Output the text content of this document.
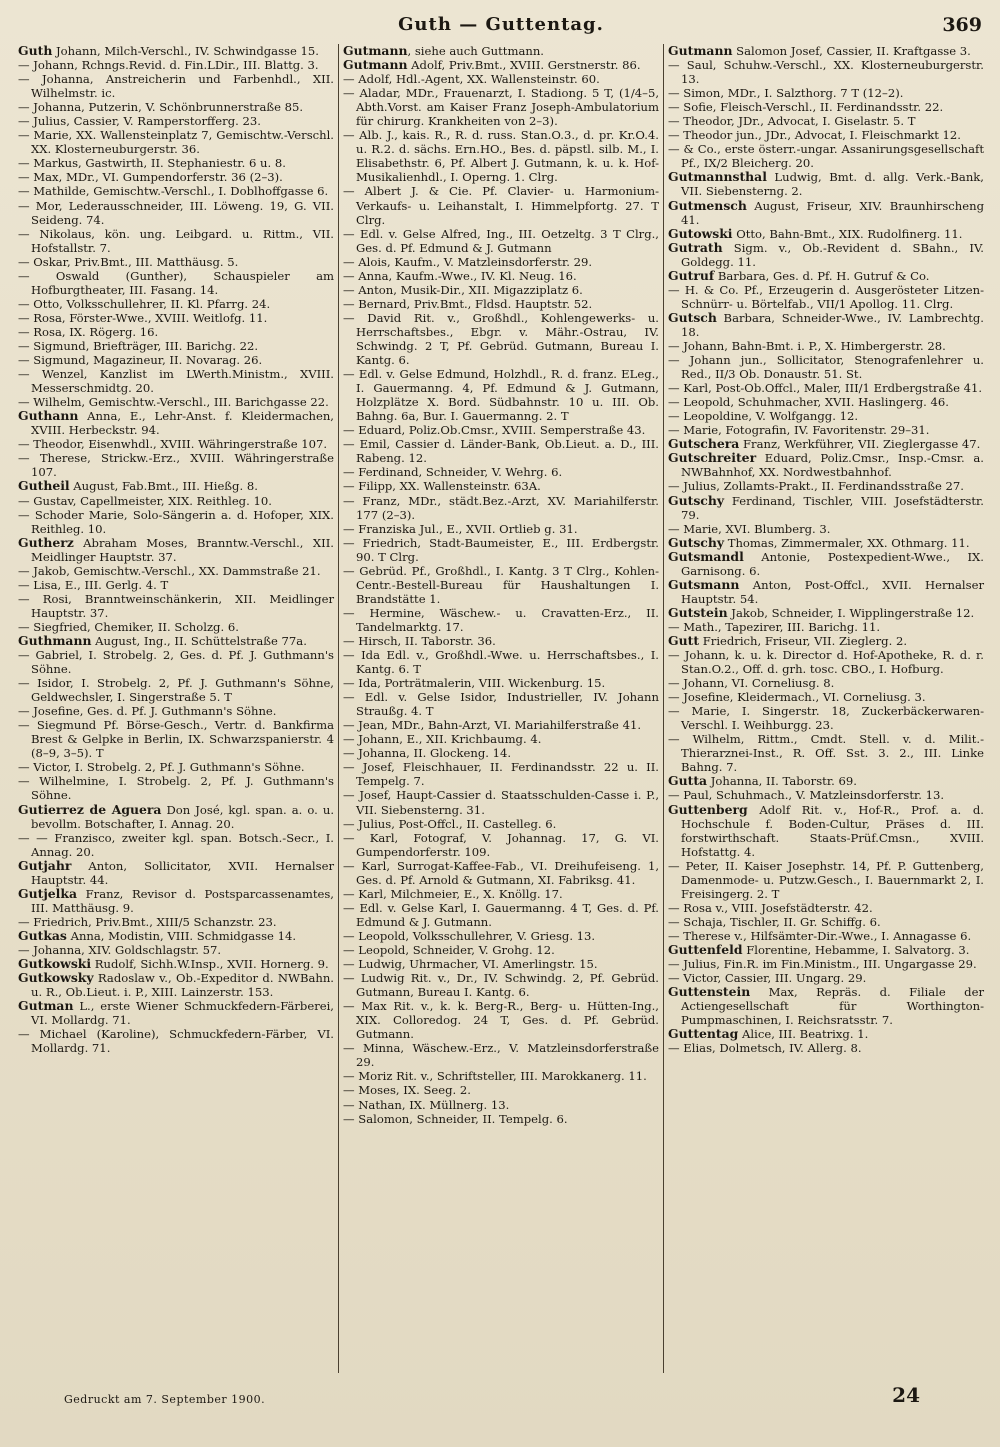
Guth — Guttentag.	369

Guth Johann, Milch-Verschl., IV. Schwindgasse 15.

— Johann, Rchngs.Revid. d. Fin.LDir., III. Blattg. 3.

— Johanna, Anstreicherin und Farbenhdl., XII. Wilhelmstr. ic.

— Johanna, Putzerin, V. Schönbrunnerstraße 85.

— Julius, Cassier, V. Ramperstorfferg. 23.

— Marie, XX. Wallensteinplatz 7, Gemischtw.-Verschl. XX. Klosterneuburgerstr. 36.

— Markus, Gastwirth, II. Stephaniestr. 6 u. 8.

— Max, MDr., VI. Gumpendorferstr. 36 (2–3).

— Mathilde, Gemischtw.-Verschl., I. Doblhoffgasse 6.

— Mor, Lederausschneider, III. Löweng. 19, G. VII. Seideng. 74.

— Nikolaus, kön. ung. Leibgard. u. Rittm., VII. Hofstallstr. 7.

— Oskar, Priv.Bmt., III. Matthäusg. 5.

— Oswald (Gunther), Schauspieler am Hofburgtheater, III. Fasang. 14.

— Otto, Volksschullehrer, II. Kl. Pfarrg. 24.

— Rosa, Förster-Wwe., XVIII. Weitlofg. 11.

— Rosa, IX. Rögerg. 16.

— Sigmund, Briefträger, III. Barichg. 22.

— Sigmund, Magazineur, II. Novarag. 26.

— Wenzel, Kanzlist im LWerth.Ministm., XVIII. Messerschmidtg. 20.

— Wilhelm, Gemischtw.-Verschl., III. Barichgasse 22.

Guthann Anna, E., Lehr-Anst. f. Kleidermachen, XVIII. Herbeckstr. 94.

— Theodor, Eisenwhdl., XVIII. Währingerstraße 107.

— Therese, Strickw.-Erz., XVIII. Währingerstraße 107.

Gutheil August, Fab.Bmt., III. Hießg. 8.

— Gustav, Capellmeister, XIX. Reithleg. 10.

— Schoder Marie, Solo-Sängerin a. d. Hofoper, XIX. Reithleg. 10.

Gutherz Abraham Moses, Branntw.-Verschl., XII. Meidlinger Hauptstr. 37.

— Jakob, Gemischtw.-Verschl., XX. Dammstraße 21.

— Lisa, E., III. Gerlg. 4. T

— Rosi, Branntweinschänkerin, XII. Meidlinger Hauptstr. 37.

— Siegfried, Chemiker, II. Scholzg. 6.

Guthmann August, Ing., II. Schüttelstraße 77a.

— Gabriel, I. Strobelg. 2, Ges. d. Pf. J. Guthmann's Söhne.

— Isidor, I. Strobelg. 2, Pf. J. Guthmann's Söhne, Geldwechsler, I. Singerstraße 5. T

— Josefine, Ges. d. Pf. J. Guthmann's Söhne.

— Siegmund Pf. Börse-Gesch., Vertr. d. Bankfirma Brest & Gelpke in Berlin, IX. Schwarzspanierstr. 4 (8–9, 3–5). T

— Victor, I. Strobelg. 2, Pf. J. Guthmann's Söhne.

— Wilhelmine, I. Strobelg. 2, Pf. J. Guthmann's Söhne.

Gutierrez de Aguera Don José, kgl. span. a. o. u. bevollm. Botschafter, I. Annag. 20.

— — Franzisco, zweiter kgl. span. Botsch.-Secr., I. Annag. 20.

Gutjahr Anton, Sollicitator, XVII. Hernalser Hauptstr. 44.

Gutjelka Franz, Revisor d. Postsparcassenamtes, III. Matthäusg. 9.

— Friedrich, Priv.Bmt., XIII/5 Schanzstr. 23.

Gutkas Anna, Modistin, VIII. Schmidgasse 14.

— Johanna, XIV. Goldschlagstr. 57.

Gutkowski Rudolf, Sichh.W.Insp., XVII. Hornerg. 9.

Gutkowsky Radoslaw v., Ob.-Expeditor d. NWBahn. u. R., Ob.Lieut. i. P., XIII. Lainzerstr. 153.

Gutman L., erste Wiener Schmuckfedern-Färberei, VI. Mollardg. 71.

— Michael (Karoline), Schmuckfedern-Färber, VI. Mollardg. 71.

Gutmann, siehe auch Guttmann.

Gutmann Adolf, Priv.Bmt., XVIII. Gerstnerstr. 86.

— Adolf, Hdl.-Agent, XX. Wallensteinstr. 60.

— Aladar, MDr., Frauenarzt, I. Stadiong. 5 T, (1/4–5, Abth.Vorst. am Kaiser Franz Joseph-Ambulatorium für chirurg. Krankheiten von 2–3).

— Alb. J., kais. R., R. d. russ. Stan.O.3., d. pr. Kr.O.4. u. R.2. d. sächs. Ern.HO., Bes. d. päpstl. silb. M., I. Elisabethstr. 6, Pf. Albert J. Gutmann, k. u. k. Hof-Musikalienhdl., I. Operng. 1. Clrg.

— Albert J. & Cie. Pf. Clavier- u. Harmonium-Verkaufs- u. Leihanstalt, I. Himmelpfortg. 27. T Clrg.

— Edl. v. Gelse Alfred, Ing., III. Oetzeltg. 3 T Clrg., Ges. d. Pf. Edmund & J. Gutmann

— Alois, Kaufm., V. Matzleinsdorferstr. 29.

— Anna, Kaufm.-Wwe., IV. Kl. Neug. 16.

— Anton, Musik-Dir., XII. Migazziplatz 6.

— Bernard, Priv.Bmt., Fldsd. Hauptstr. 52.

— David Rit. v., Großhdl., Kohlengewerks- u. Herrschaftsbes., Ebgr. v. Mähr.-Ostrau, IV. Schwindg. 2 T, Pf. Gebrüd. Gutmann, Bureau I. Kantg. 6.

— Edl. v. Gelse Edmund, Holzhdl., R. d. franz. ELeg., I. Gauermanng. 4, Pf. Edmund & J. Gutmann, Holzplätze X. Bord. Südbahnstr. 10 u. III. Ob. Bahng. 6a, Bur. I. Gauermanng. 2. T

— Eduard, Poliz.Ob.Cmsr., XVIII. Semperstraße 43.

— Emil, Cassier d. Länder-Bank, Ob.Lieut. a. D., III. Rabeng. 12.

— Ferdinand, Schneider, V. Wehrg. 6.

— Filipp, XX. Wallensteinstr. 63A.

— Franz, MDr., städt.Bez.-Arzt, XV. Mariahilferstr. 177 (2–3).

— Franziska Jul., E., XVII. Ortlieb g. 31.

— Friedrich, Stadt-Baumeister, E., III. Erdbergstr. 90. T Clrg.

— Gebrüd. Pf., Großhdl., I. Kantg. 3 T Clrg., Kohlen-Centr.-Bestell-Bureau für Haushaltungen I. Brandstätte 1.

— Hermine, Wäschew.- u. Cravatten-Erz., II. Tandelmarktg. 17.

— Hirsch, II. Taborstr. 36.

— Ida Edl. v., Großhdl.-Wwe. u. Herrschaftsbes., I. Kantg. 6. T

— Ida, Porträtmalerin, VIII. Wickenburg. 15.

— Edl. v. Gelse Isidor, Industrieller, IV. Johann Straußg. 4. T

— Jean, MDr., Bahn-Arzt, VI. Mariahilferstraße 41.

— Johann, E., XII. Krichbaumg. 4.

— Johanna, II. Glockeng. 14.

— Josef, Fleischhauer, II. Ferdinandsstr. 22 u. II. Tempelg. 7.

— Josef, Haupt-Cassier d. Staatsschulden-Casse i. P., VII. Siebensterng. 31.

— Julius, Post-Offcl., II. Castelleg. 6.

— Karl, Fotograf, V. Johannag. 17, G. VI. Gumpendorferstr. 109.

— Karl, Surrogat-Kaffee-Fab., VI. Dreihufeiseng. 1, Ges. d. Pf. Arnold & Gutmann, XI. Fabriksg. 41.

— Karl, Milchmeier, E., X. Knöllg. 17.

— Edl. v. Gelse Karl, I. Gauermanng. 4 T, Ges. d. Pf. Edmund & J. Gutmann.

— Leopold, Volksschullehrer, V. Griesg. 13.

— Leopold, Schneider, V. Grohg. 12.

— Ludwig, Uhrmacher, VI. Amerlingstr. 15.

— Ludwig Rit. v., Dr., IV. Schwindg. 2, Pf. Gebrüd. Gutmann, Bureau I. Kantg. 6.

— Max Rit. v., k. k. Berg-R., Berg- u. Hütten-Ing., XIX. Colloredog. 24 T, Ges. d. Pf. Gebrüd. Gutmann.

— Minna, Wäschew.-Erz., V. Matzleinsdorferstraße 29.

— Moriz Rit. v., Schriftsteller, III. Marokkanerg. 11.

— Moses, IX. Seeg. 2.

— Nathan, IX. Müllnerg. 13.

— Salomon, Schneider, II. Tempelg. 6.

Gutmann Salomon Josef, Cassier, II. Kraftgasse 3.

— Saul, Schuhw.-Verschl., XX. Klosterneuburgerstr. 13.

— Simon, MDr., I. Salzthorg. 7 T (12–2).

— Sofie, Fleisch-Verschl., II. Ferdinandsstr. 22.

— Theodor, JDr., Advocat, I. Giselastr. 5. T

— Theodor jun., JDr., Advocat, I. Fleischmarkt 12.

— & Co., erste österr.-ungar. Assanirungsgesellschaft Pf., IX/2 Bleicherg. 20.

Gutmannsthal Ludwig, Bmt. d. allg. Verk.-Bank, VII. Siebensterng. 2.

Gutmensch August, Friseur, XIV. Braunhirscheng 41.

Gutowski Otto, Bahn-Bmt., XIX. Rudolfinerg. 11.

Gutrath Sigm. v., Ob.-Revident d. SBahn., IV. Goldegg. 11.

Gutruf Barbara, Ges. d. Pf. H. Gutruf & Co.

— H. & Co. Pf., Erzeugerin d. Ausgerösteter Litzen-Schnürr- u. Börtelfab., VII/1 Apollog. 11. Clrg.

Gutsch Barbara, Schneider-Wwe., IV. Lambrechtg. 18.

— Johann, Bahn-Bmt. i. P., X. Himbergerstr. 28.

— Johann jun., Sollicitator, Stenografenlehrer u. Red., II/3 Ob. Donaustr. 51. St.

— Karl, Post-Ob.Offcl., Maler, III/1 Erdbergstraße 41.

— Leopold, Schuhmacher, XVII. Haslingerg. 46.

— Leopoldine, V. Wolfgangg. 12.

— Marie, Fotografin, IV. Favoritenstr. 29–31.

Gutschera Franz, Werkführer, VII. Zieglergasse 47.

Gutschreiter Eduard, Poliz.Cmsr., Insp.-Cmsr. a. NWBahnhof, XX. Nordwestbahnhof.

— Julius, Zollamts-Prakt., II. Ferdinandsstraße 27.

Gutschy Ferdinand, Tischler, VIII. Josefstädterstr. 79.

— Marie, XVI. Blumberg. 3.

Gutschy Thomas, Zimmermaler, XX. Othmarg. 11.

Gutsmandl Antonie, Postexpedient-Wwe., IX. Garnisong. 6.

Gutsmann Anton, Post-Offcl., XVII. Hernalser Hauptstr. 54.

Gutstein Jakob, Schneider, I. Wipplingerstraße 12.

— Math., Tapezirer, III. Barichg. 11.

Gutt Friedrich, Friseur, VII. Zieglerg. 2.

— Johann, k. u. k. Director d. Hof-Apotheke, R. d. r. Stan.O.2., Off. d. grh. tosc. CBO., I. Hofburg.

— Johann, VI. Corneliusg. 8.

— Josefine, Kleidermach., VI. Corneliusg. 3.

— Marie, I. Singerstr. 18, Zuckerbäckerwaren-Verschl. I. Weihburgg. 23.

— Wilhelm, Rittm., Cmdt. Stell. v. d. Milit.-Thierarznei-Inst., R. Off. Sst. 3. 2., III. Linke Bahng. 7.

Gutta Johanna, II. Taborstr. 69.

— Paul, Schuhmach., V. Matzleinsdorferstr. 13.

Guttenberg Adolf Rit. v., Hof-R., Prof. a. d. Hochschule f. Boden-Cultur, Präses d. III. forstwirthschaft. Staats-Prüf.Cmsn., XVIII. Hofstattg. 4.

— Peter, II. Kaiser Josephstr. 14, Pf. P. Guttenberg, Damenmode- u. Putzw.Gesch., I. Bauernmarkt 2, I. Freisingerg. 2. T

— Rosa v., VIII. Josefstädterstr. 42.

— Schaja, Tischler, II. Gr. Schiffg. 6.

— Therese v., Hilfsämter-Dir.-Wwe., I. Annagasse 6.

Guttenfeld Florentine, Hebamme, I. Salvatorg. 3.

— Julius, Fin.R. im Fin.Ministm., III. Ungargasse 29.

— Victor, Cassier, III. Ungarg. 29.

Guttenstein Max, Repräs. d. Filiale der Actiengesellschaft für Worthington-Pumpmaschinen, I. Reichsratsstr. 7.

Guttentag Alice, III. Beatrixg. 1.

— Elias, Dolmetsch, IV. Allerg. 8.

Gedruckt am 7. September 1900.	24
